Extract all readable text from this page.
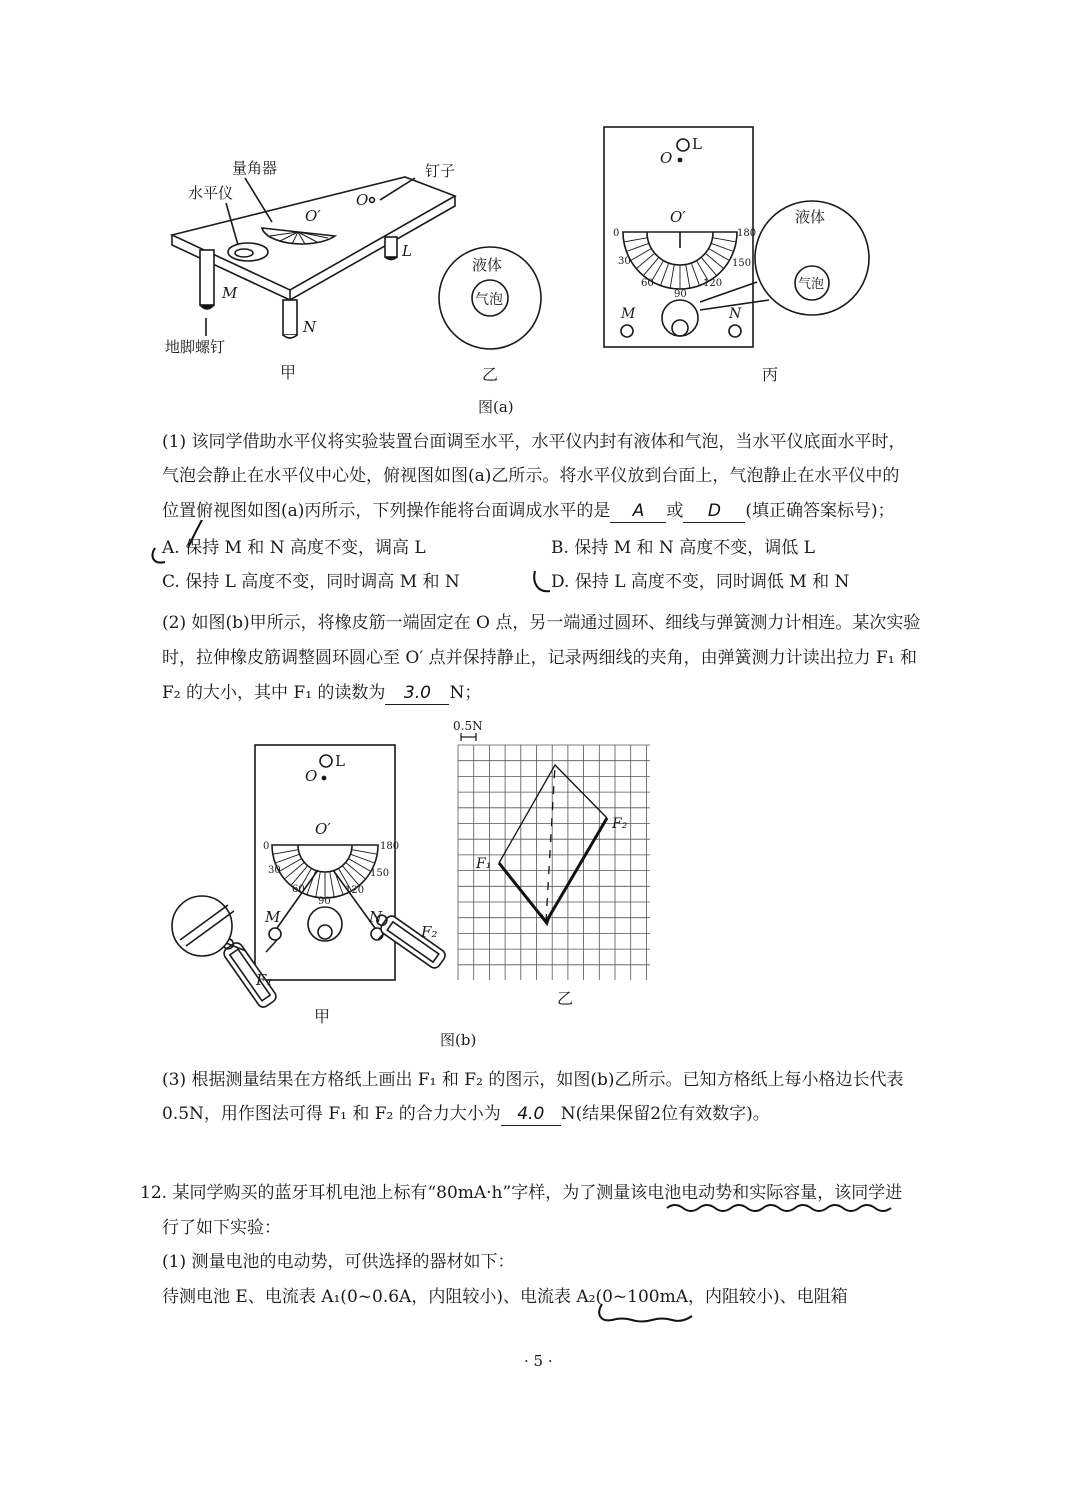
量角器
水平仪
钉子
O′
O
L
M
N
地脚螺钉
甲
液体
气泡
乙
O
L
O′
0
30
60
90
120
150
180
M	N
液体
气泡
丙
图(a)
(1) 该同学借助水平仪将实验装置台面调至水平，水平仪内封有液体和气泡，当水平仪底面水平时，
气泡会静止在水平仪中心处，俯视图如图(a)乙所示。将水平仪放到台面上，气泡静止在水平仪中的
位置俯视图如图(a)丙所示，下列操作能将台面调成水平的是 A 或 D (填正确答案标号)；
A. 保持 M 和 N 高度不变，调高 L	B. 保持 M 和 N 高度不变，调低 L
C. 保持 L 高度不变，同时调高 M 和 N	D. 保持 L 高度不变，同时调低 M 和 N
(2) 如图(b)甲所示，将橡皮筋一端固定在 O 点，另一端通过圆环、细线与弹簧测力计相连。某次实验
时，拉伸橡皮筋调整圆环圆心至 O′ 点并保持静止，记录两细线的夹角，由弹簧测力计读出拉力 F₁ 和
F₂ 的大小，其中 F₁ 的读数为 3.0 N；
O
L
O′
0
30
60
90
120
150
180
M	N
F₁
F₂
甲
0.5N
F₁
F₂
乙
图(b)
(3) 根据测量结果在方格纸上画出 F₁ 和 F₂ 的图示，如图(b)乙所示。已知方格纸上每小格边长代表
0.5N，用作图法可得 F₁ 和 F₂ 的合力大小为 4.0 N(结果保留2位有效数字)。
12. 某同学购买的蓝牙耳机电池上标有“80mA·h”字样，为了测量该电池电动势和实际容量，该同学进
行了如下实验：
(1) 测量电池的电动势，可供选择的器材如下：
待测电池 E、电流表 A₁(0~0.6A，内阻较小)、电流表 A₂(0~100mA，内阻较小)、电阻箱
· 5 ·
